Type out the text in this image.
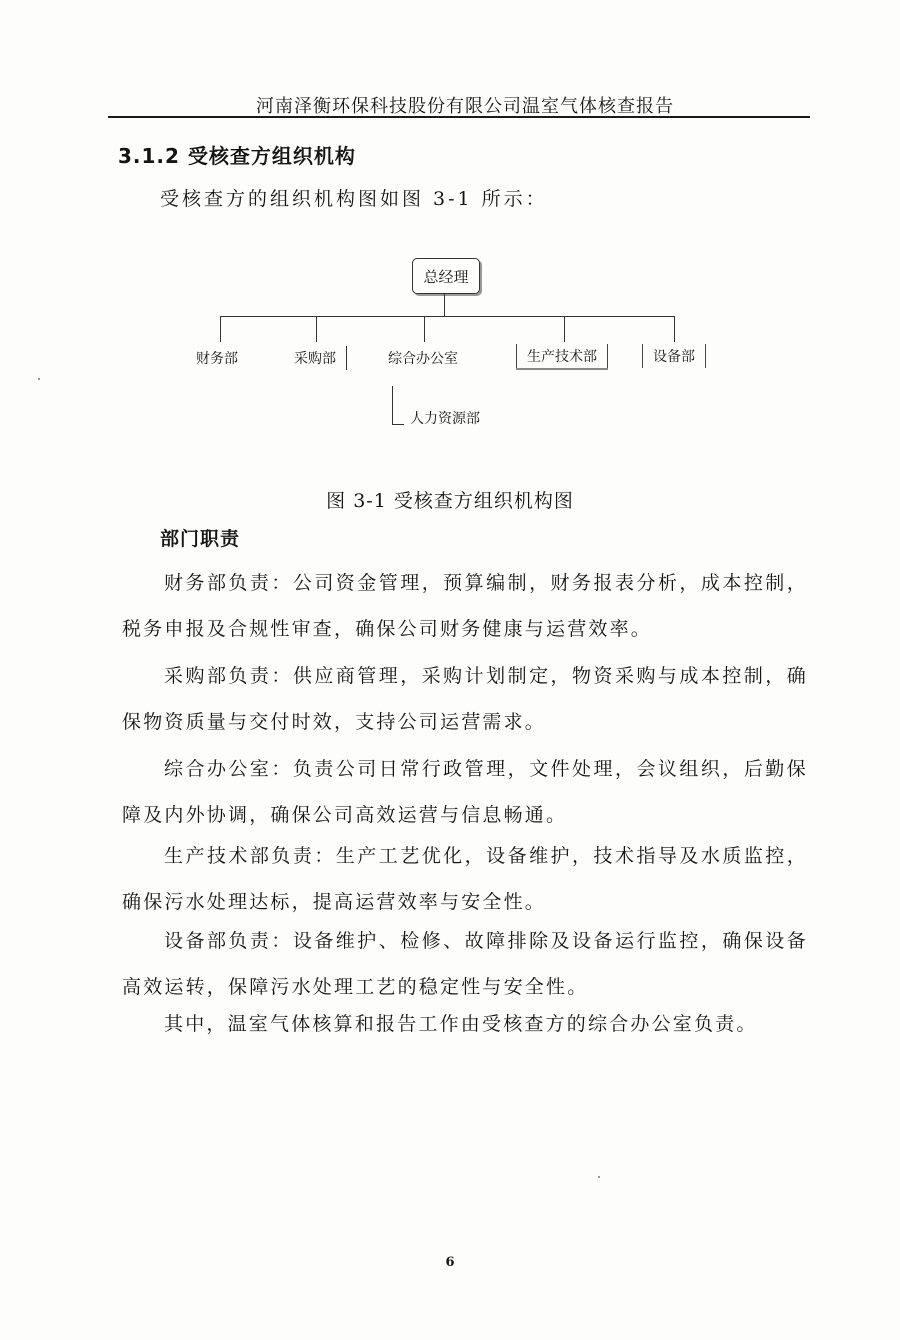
河南泽衡环保科技股份有限公司温室气体核查报告
3.1.2 受核查方组织机构
受核查方的组织机构图如图 3-1 所示：
总经理
财务部	采购部	综合办公室	生产技术部	设备部
人力资源部
图 3-1 受核查方组织机构图
部门职责
财务部负责：公司资金管理，预算编制，财务报表分析，成本控制，税务申报及合规性审查，确保公司财务健康与运营效率。
采购部负责：供应商管理，采购计划制定，物资采购与成本控制，确保物资质量与交付时效，支持公司运营需求。
综合办公室：负责公司日常行政管理，文件处理，会议组织，后勤保障及内外协调，确保公司高效运营与信息畅通。
生产技术部负责：生产工艺优化，设备维护，技术指导及水质监控，确保污水处理达标，提高运营效率与安全性。
设备部负责：设备维护、检修、故障排除及设备运行监控，确保设备高效运转，保障污水处理工艺的稳定性与安全性。
其中，温室气体核算和报告工作由受核查方的综合办公室负责。
6
